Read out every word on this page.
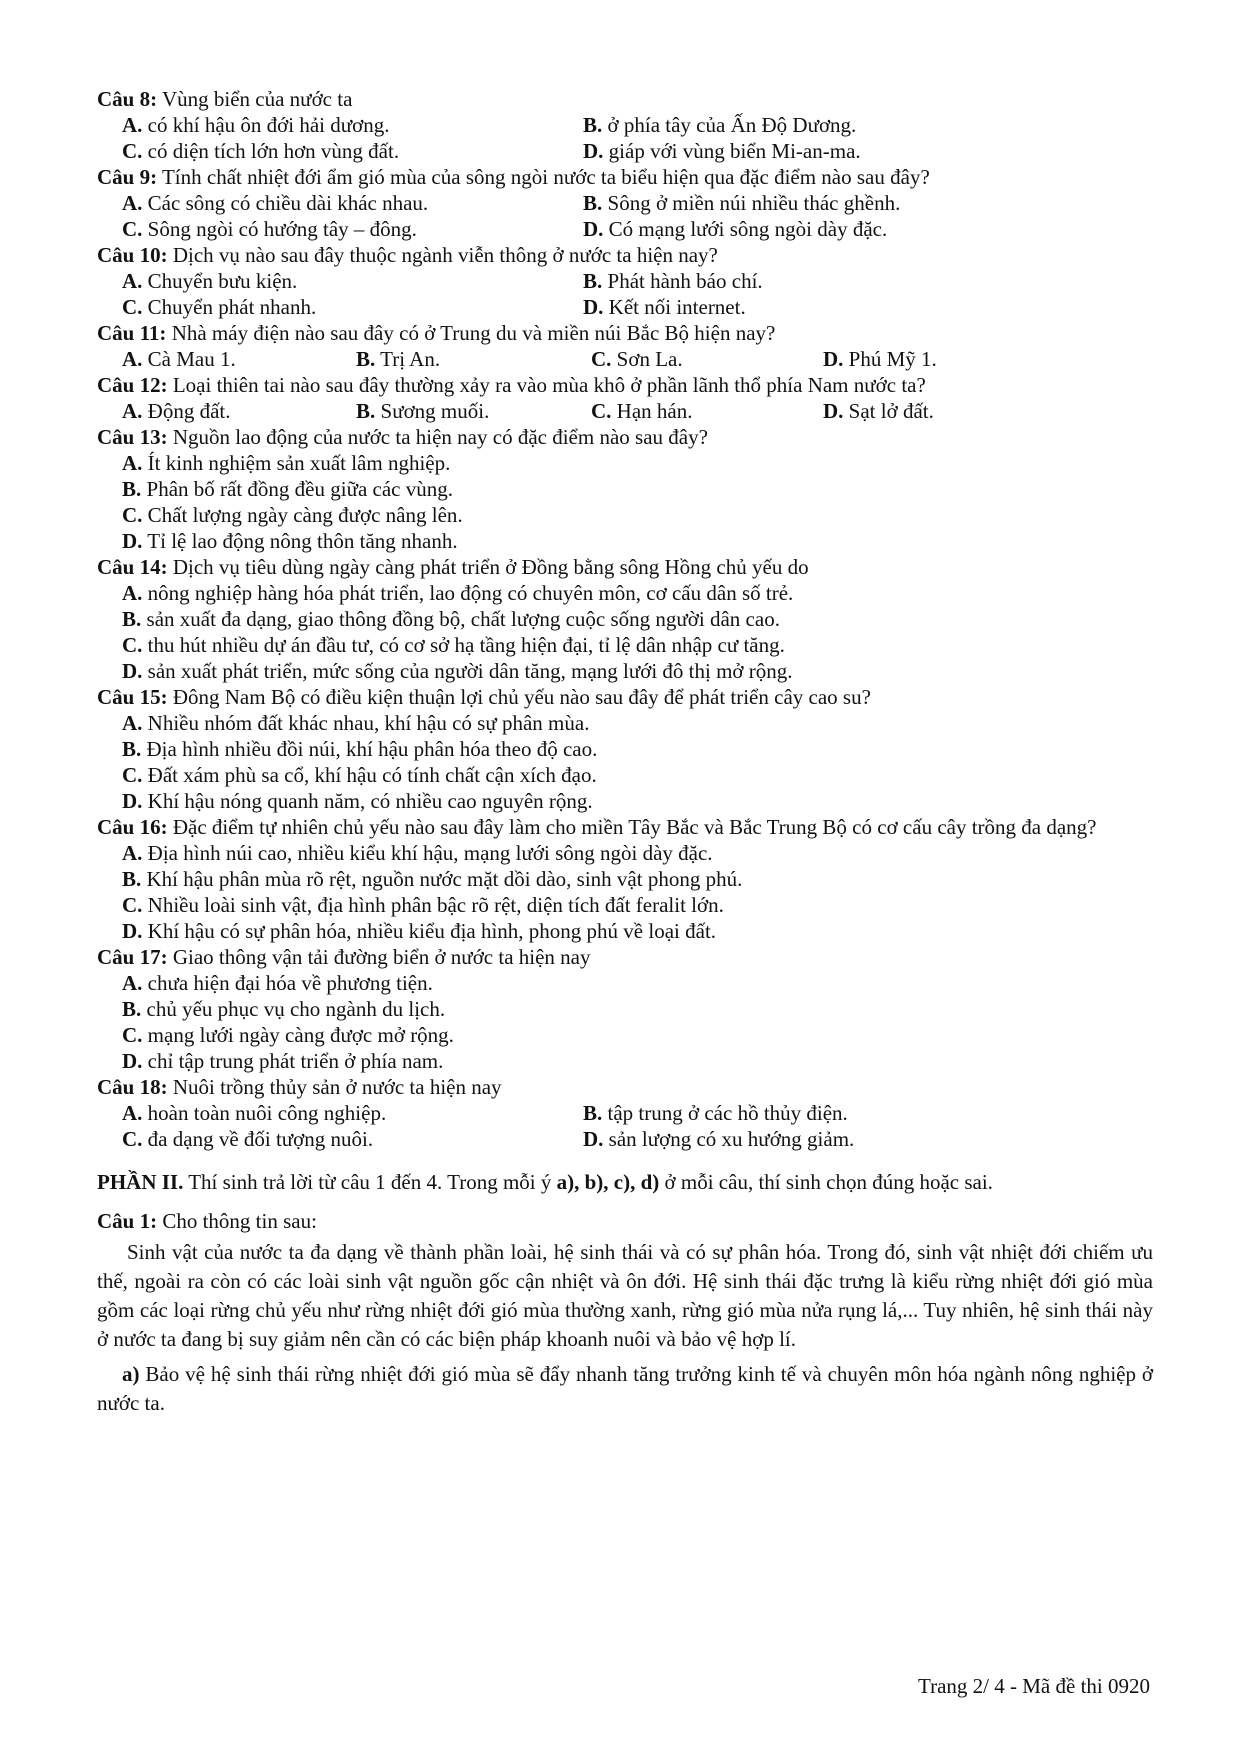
Câu 8: Vùng biển của nước ta
A. có khí hậu ôn đới hải dương.	B. ở phía tây của Ấn Độ Dương.
C. có diện tích lớn hơn vùng đất.	D. giáp với vùng biển Mi-an-ma.
Câu 9: Tính chất nhiệt đới ẩm gió mùa của sông ngòi nước ta biểu hiện qua đặc điểm nào sau đây?
A. Các sông có chiều dài khác nhau.	B. Sông ở miền núi nhiều thác ghềnh.
C. Sông ngòi có hướng tây – đông.	D. Có mạng lưới sông ngòi dày đặc.
Câu 10: Dịch vụ nào sau đây thuộc ngành viễn thông ở nước ta hiện nay?
A. Chuyển bưu kiện.	B. Phát hành báo chí.
C. Chuyển phát nhanh.	D. Kết nối internet.
Câu 11: Nhà máy điện nào sau đây có ở Trung du và miền núi Bắc Bộ hiện nay?
A. Cà Mau 1.	B. Trị An.	C. Sơn La.	D. Phú Mỹ 1.
Câu 12: Loại thiên tai nào sau đây thường xảy ra vào mùa khô ở phần lãnh thổ phía Nam nước ta?
A. Động đất.	B. Sương muối.	C. Hạn hán.	D. Sạt lở đất.
Câu 13: Nguồn lao động của nước ta hiện nay có đặc điểm nào sau đây?
A. Ít kinh nghiệm sản xuất lâm nghiệp.
B. Phân bố rất đồng đều giữa các vùng.
C. Chất lượng ngày càng được nâng lên.
D. Tỉ lệ lao động nông thôn tăng nhanh.
Câu 14: Dịch vụ tiêu dùng ngày càng phát triển ở Đồng bằng sông Hồng chủ yếu do
A. nông nghiệp hàng hóa phát triển, lao động có chuyên môn, cơ cấu dân số trẻ.
B. sản xuất đa dạng, giao thông đồng bộ, chất lượng cuộc sống người dân cao.
C. thu hút nhiều dự án đầu tư, có cơ sở hạ tầng hiện đại, tỉ lệ dân nhập cư tăng.
D. sản xuất phát triển, mức sống của người dân tăng, mạng lưới đô thị mở rộng.
Câu 15: Đông Nam Bộ có điều kiện thuận lợi chủ yếu nào sau đây để phát triển cây cao su?
A. Nhiều nhóm đất khác nhau, khí hậu có sự phân mùa.
B. Địa hình nhiều đồi núi, khí hậu phân hóa theo độ cao.
C. Đất xám phù sa cổ, khí hậu có tính chất cận xích đạo.
D. Khí hậu nóng quanh năm, có nhiều cao nguyên rộng.
Câu 16: Đặc điểm tự nhiên chủ yếu nào sau đây làm cho miền Tây Bắc và Bắc Trung Bộ có cơ cấu cây trồng đa dạng?
A. Địa hình núi cao, nhiều kiểu khí hậu, mạng lưới sông ngòi dày đặc.
B. Khí hậu phân mùa rõ rệt, nguồn nước mặt dồi dào, sinh vật phong phú.
C. Nhiều loài sinh vật, địa hình phân bậc rõ rệt, diện tích đất feralit lớn.
D. Khí hậu có sự phân hóa, nhiều kiểu địa hình, phong phú về loại đất.
Câu 17: Giao thông vận tải đường biển ở nước ta hiện nay
A. chưa hiện đại hóa về phương tiện.
B. chủ yếu phục vụ cho ngành du lịch.
C. mạng lưới ngày càng được mở rộng.
D. chỉ tập trung phát triển ở phía nam.
Câu 18: Nuôi trồng thủy sản ở nước ta hiện nay
A. hoàn toàn nuôi công nghiệp.	B. tập trung ở các hồ thủy điện.
C. đa dạng về đối tượng nuôi.	D. sản lượng có xu hướng giảm.
PHẦN II. Thí sinh trả lời từ câu 1 đến 4. Trong mỗi ý a), b), c), d) ở mỗi câu, thí sinh chọn đúng hoặc sai.
Câu 1: Cho thông tin sau:
Sinh vật của nước ta đa dạng về thành phần loài, hệ sinh thái và có sự phân hóa. Trong đó, sinh vật nhiệt đới chiếm ưu thế, ngoài ra còn có các loài sinh vật nguồn gốc cận nhiệt và ôn đới. Hệ sinh thái đặc trưng là kiểu rừng nhiệt đới gió mùa gồm các loại rừng chủ yếu như rừng nhiệt đới gió mùa thường xanh, rừng gió mùa nửa rụng lá,... Tuy nhiên, hệ sinh thái này ở nước ta đang bị suy giảm nên cần có các biện pháp khoanh nuôi và bảo vệ hợp lí.
a) Bảo vệ hệ sinh thái rừng nhiệt đới gió mùa sẽ đẩy nhanh tăng trưởng kinh tế và chuyên môn hóa ngành nông nghiệp ở nước ta.
Trang 2/ 4 - Mã đề thi 0920
